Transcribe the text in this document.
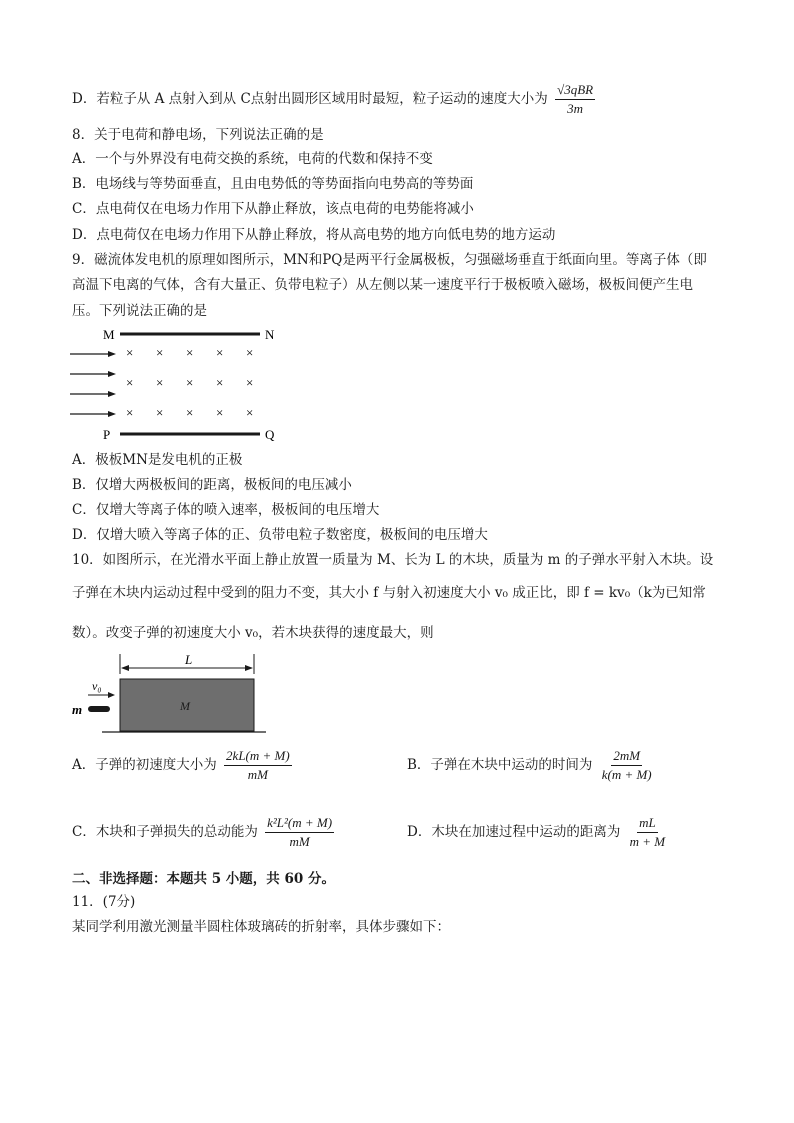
D．若粒子从 A 点射入到从 C点射出圆形区域用时最短，粒子运动的速度大小为 $\frac{\text{√3qBR}}{3m}$
8．关于电荷和静电场，下列说法正确的是
A．一个与外界没有电荷交换的系统，电荷的代数和保持不变
B．电场线与等势面垂直，且由电势低的等势面指向电势高的等势面
C．点电荷仅在电场力作用下从静止释放，该点电荷的电势能将减小
D．点电荷仅在电场力作用下从静止释放，将从高电势的地方向低电势的地方运动
9．磁流体发电机的原理如图所示，MN和PQ是两平行金属极板，匀强磁场垂直于纸面向里。等离子体（即
高温下电离的气体，含有大量正、负带电粒子）从左侧以某一速度平行于极板喷入磁场，极板间便产生电
压。下列说法正确的是
M	N
× × × × ×
× × × × ×
× × × × ×
P	Q
A．极板MN是发电机的正极
B．仅增大两极板间的距离，极板间的电压减小
C．仅增大等离子体的喷入速率，极板间的电压增大
D．仅增大喷入等离子体的正、负带电粒子数密度，极板间的电压增大
10．如图所示，在光滑水平面上静止放置一质量为 M、长为 L 的木块，质量为 m 的子弹水平射入木块。设
子弹在木块内运动过程中受到的阻力不变，其大小 f 与射入初速度大小 v₀ 成正比，即 f = kv₀（k为已知常
数）。改变子弹的初速度大小 v₀，若木块获得的速度最大，则
L
M
v₀
m
A．子弹的初速度大小为 $\frac{2kL(m + M)}{mM}$	B．子弹在木块中运动的时间为 $\frac{2mM}{k(m + M)}$
C．木块和子弹损失的总动能为 $\frac{\text{k²L²(m + M)}}{mM}$	D．木块在加速过程中运动的距离为 $\frac{mL}{m + M}$
二、非选择题：本题共 5 小题，共 60 分。
11．(7分)
某同学利用激光测量半圆柱体玻璃砖的折射率，具体步骤如下：
